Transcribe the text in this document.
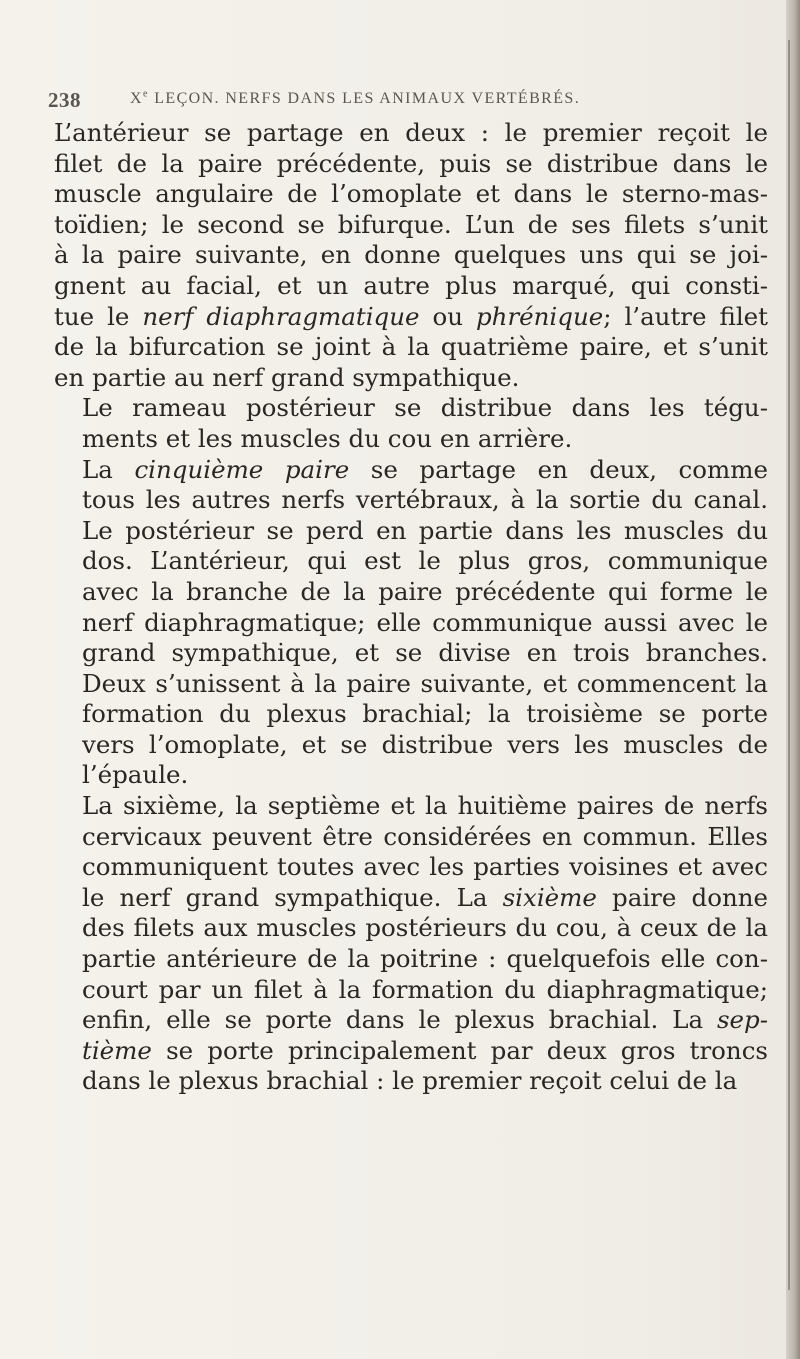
238	Xe LEÇON. NERFS DANS LES ANIMAUX VERTÉBRÉS.

L’antérieur se partage en deux : le premier reçoit le
filet de la paire précédente, puis se distribue dans le
muscle angulaire de l’omoplate et dans le sterno-mas-
toïdien; le second se bifurque. L’un de ses filets s’unit
à la paire suivante, en donne quelques uns qui se joi-
gnent au facial, et un autre plus marqué, qui consti-
tue le nerf diaphragmatique ou phrénique; l’autre filet
de la bifurcation se joint à la quatrième paire, et s’unit
en partie au nerf grand sympathique.

Le rameau postérieur se distribue dans les tégu-
ments et les muscles du cou en arrière.

La cinquième paire se partage en deux, comme
tous les autres nerfs vertébraux, à la sortie du canal.
Le postérieur se perd en partie dans les muscles du
dos. L’antérieur, qui est le plus gros, communique
avec la branche de la paire précédente qui forme le
nerf diaphragmatique; elle communique aussi avec le
grand sympathique, et se divise en trois branches.
Deux s’unissent à la paire suivante, et commencent la
formation du plexus brachial; la troisième se porte
vers l’omoplate, et se distribue vers les muscles de
l’épaule.

La sixième, la septième et la huitième paires de nerfs
cervicaux peuvent être considérées en commun. Elles
communiquent toutes avec les parties voisines et avec
le nerf grand sympathique. La sixième paire donne
des filets aux muscles postérieurs du cou, à ceux de la
partie antérieure de la poitrine : quelquefois elle con-
court par un filet à la formation du diaphragmatique;
enfin, elle se porte dans le plexus brachial. La sep-
tième se porte principalement par deux gros troncs
dans le plexus brachial : le premier reçoit celui de la
